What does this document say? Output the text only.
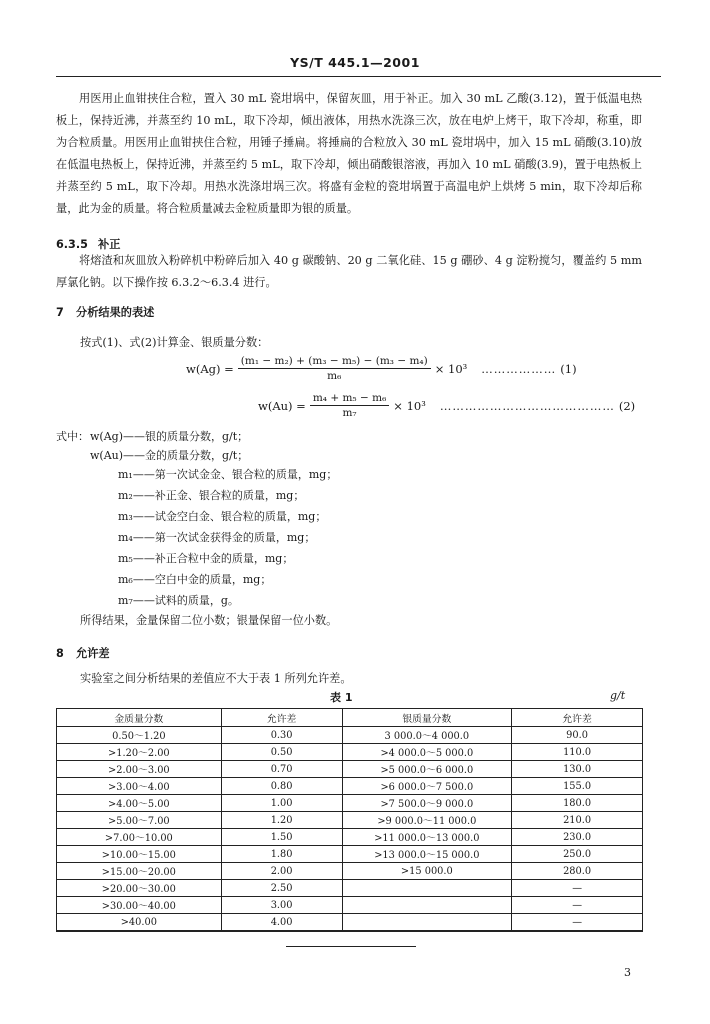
YS/T 445.1—2001
用医用止血钳挟住合粒，置入 30 mL 瓷坩埚中，保留灰皿，用于补正。加入 30 mL 乙酸(3.12)，置于低温电热板上，保持近沸，并蒸至约 10 mL，取下冷却，倾出液体，用热水洗涤三次，放在电炉上烤干，取下冷却，称重，即为合粒质量。用医用止血钳挟住合粒，用锤子捶扁。将捶扁的合粒放入 30 mL 瓷坩埚中，加入 15 mL 硝酸(3.10)放在低温电热板上，保持近沸，并蒸至约 5 mL，取下冷却，倾出硝酸银溶液，再加入 10 mL 硝酸(3.9)，置于电热板上并蒸至约 5 mL，取下冷却。用热水洗涤坩埚三次。将盛有金粒的瓷坩埚置于高温电炉上烘烤 5 min，取下冷却后称量，此为金的质量。将合粒质量减去金粒质量即为银的质量。
6.3.5 补正
将熔渣和灰皿放入粉碎机中粉碎后加入 40 g 碳酸钠、20 g 二氧化硅、15 g 硼砂、4 g 淀粉搅匀，覆盖约 5 mm 厚氯化钠。以下操作按 6.3.2～6.3.4 进行。
7 分析结果的表述
按式(1)、式(2)计算金、银质量分数：
$w(Ag) = \frac{\text{(m₁ − m₂) + (m₃ − m₅) − (m₃ − m₄)}}{\text{m₆}} \times 10^3$ ……………… (1)
$w(Au) = \frac{\text{m₄ + m₅ − m₆}}{\text{m₇}} \times 10^3$ …………………………………… (2)
式中： w(Ag)——银的质量分数，g/t；
w(Au)——金的质量分数，g/t；
m₁——第一次试金金、银合粒的质量，mg；
m₂——补正金、银合粒的质量，mg；
m₃——试金空白金、银合粒的质量，mg；
m₄——第一次试金获得金的质量，mg；
m₅——补正合粒中金的质量，mg；
m₆——空白中金的质量，mg；
m₇——试料的质量，g。
所得结果，金量保留二位小数；银量保留一位小数。
8 允许差
实验室之间分析结果的差值应不大于表 1 所列允许差。
表 1	g/t
金质量分数	允许差	银质量分数	允许差
0.50～1.20	0.30	3 000.0～4 000.0	90.0
>1.20～2.00	0.50	>4 000.0～5 000.0	110.0
>2.00～3.00	0.70	>5 000.0～6 000.0	130.0
>3.00～4.00	0.80	>6 000.0～7 500.0	155.0
>4.00～5.00	1.00	>7 500.0～9 000.0	180.0
>5.00～7.00	1.20	>9 000.0～11 000.0	210.0
>7.00～10.00	1.50	>11 000.0～13 000.0	230.0
>10.00～15.00	1.80	>13 000.0～15 000.0	250.0
>15.00～20.00	2.00	>15 000.0	280.0
>20.00～30.00	2.50		—
>30.00～40.00	3.00		—
>40.00	4.00		—
3
